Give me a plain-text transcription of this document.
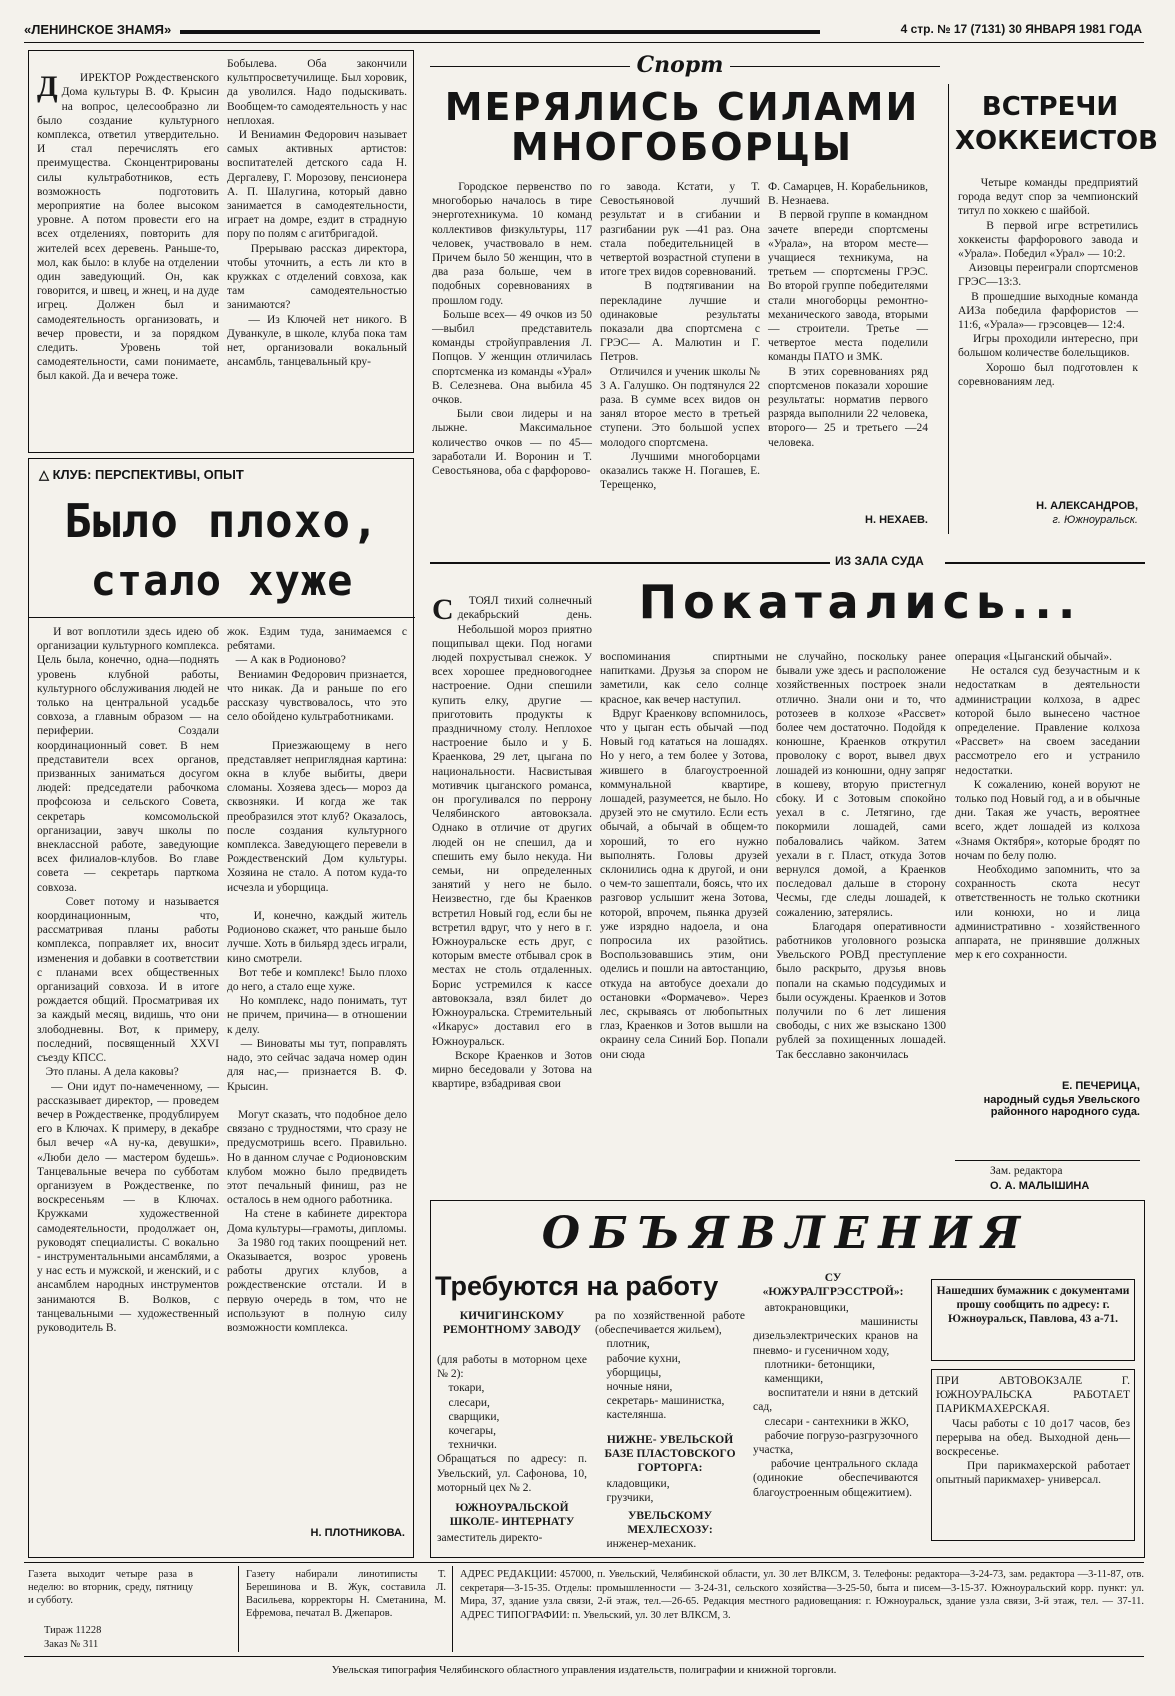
«ЛЕНИНСКОЕ ЗНАМЯ»	4 стр. № 17 (7131) 30 ЯНВАРЯ 1981 ГОДА

Д ИРЕКТОР Рождественского Дома культуры В. Ф. Крысин на вопрос, целесообразно ли было создание культурного комплекса, ответил утвердительно. И стал перечислять его преимущества. Сконцентрированы силы культработников, есть возможность подготовить мероприятие на более высоком уровне. А потом провести его на всех отделениях, повторить для жителей всех деревень. Раньше-то, мол, как было: в клубе на отделении один заведующий. Он, как говорится, и швец, и жнец, и на дуде игрец. Должен был и самодеятельность организовать, и вечер провести, и за порядком следить. Уровень той самодеятельности, сами понимаете, был какой. Да и вечера тоже.

Бобылева. Оба закончили культпросветучилище. Был хоровик, да уволился. Надо подыскивать. Вообщем-то самодеятельность у нас неплохая.
И Вениамин Федорович называет самых активных артистов: воспитателей детского сада Н. Дергалеву, Г. Морозову, пенсионера А. П. Шалугина, который давно занимается в самодеятельности, играет на домре, ездит в страдную пору по полям с агитбригадой.
Прерываю рассказ директора, чтобы уточнить, а есть ли кто в кружках с отделений совхоза, как там самодеятельностью занимаются?
— Из Ключей нет никого. В Дуванкуле, в школе, клуба пока там нет, организовали вокальный ансамбль, танцевальный кру-
△ КЛУБ: ПЕРСПЕКТИВЫ, ОПЫТ
Было плохо,
стало хуже
И вот воплотили здесь идею об организации культурного комплекса. Цель была, конечно, одна—поднять уровень клубной работы, культурного обслуживания людей не только на центральной усадьбе совхоза, а главным образом — на периферии. Создали координационный совет. В нем представители всех органов, призванных заниматься досугом людей: председатели рабочкома профсоюза и сельского Совета, секретарь комсомольской организации, завуч школы по внеклассной работе, заведующие всех филиалов-клубов. Во главе совета — секретарь парткома совхоза.
Совет потому и называется координационным, что, рассматривая планы работы комплекса, поправляет их, вносит изменения и добавки в соответствии с планами всех общественных организаций совхоза. И в итоге рождается общий. Просматривая их за каждый месяц, видишь, что они злободневны. Вот, к примеру, последний, посвященный XXVI съезду КПСС.
Это планы. А дела каковы?
— Они идут по-намеченному, — рассказывает директор, — проведем вечер в Рождественке, продублируем его в Ключах. К примеру, в декабре был вечер «А ну-ка, девушки», «Люби дело — мастером будешь». Танцевальные вечера по субботам организуем в Рождественке, по воскресеньям — в Ключах. Кружками художественной самодеятельности, продолжает он, руководят специалисты. С вокально - инструментальными ансамблями, а у нас есть и мужской, и женский, и с ансамблем народных инструментов занимаются В. Волков, с танцевальными — художественный руководитель В.
жок. Ездим туда, занимаемся с ребятами.
— А как в Родионово?
Вениамин Федорович признается, что никак. Да и раньше по его рассказу чувствовалось, что это село обойдено культработниками.

Приезжающему в него представляет неприглядная картина: окна в клубе выбиты, двери сломаны. Хозяева здесь— мороз да сквозняки. И когда же так преобразился этот клуб? Оказалось, после создания культурного комплекса. Заведующего перевели в Рождественский Дом культуры. Хозяина не стало. А потом куда-то исчезла и уборщица.

И, конечно, каждый житель Родионово скажет, что раньше было лучше. Хоть в бильярд здесь играли, кино смотрели.
Вот тебе и комплекс! Было плохо до него, а стало еще хуже.
Но комплекс, надо понимать, тут не причем, причина— в отношении к делу.
— Виноваты мы тут, поправлять надо, это сейчас задача номер один для нас,— признается В. Ф. Крысин.

Могут сказать, что подобное дело связано с трудностями, что сразу не предусмотришь всего. Правильно. Но в данном случае с Родионовским клубом можно было предвидеть этот печальный финиш, раз не осталось в нем одного работника.
На стене в кабинете директора Дома культуры—грамоты, дипломы.
За 1980 год таких поощрений нет. Оказывается, возрос уровень работы других клубов, а рождественские отстали. И в первую очередь в том, что не используют в полную силу возможности комплекса.
Н. ПЛОТНИКОВА.
Спорт
МЕРЯЛИСЬ СИЛАМИ
МНОГОБОРЦЫ
Городское первенство по многоборью началось в тире энерготехникума. 10 команд коллективов физкультуры, 117 человек, участвовало в нем. Причем было 50 женщин, что в два раза больше, чем в подобных соревнованиях в прошлом году.
Больше всех— 49 очков из 50—выбил представитель команды стройуправления Л. Попцов. У женщин отличилась спортсменка из команды «Урал» В. Селезнева. Она выбила 45 очков.
Были свои лидеры и на лыжне. Максимальное количество очков — по 45— заработали И. Воронин и Т. Севостьянова, оба с фарфорово-
го завода. Кстати, у Т. Севостьяновой лучший результат и в сгибании и разгибании рук —41 раз. Она стала победительницей в четвертой возрастной ступени в итоге трех видов соревнований.
В подтягивании на перекладине лучшие и одинаковые результаты показали два спортсмена с ГРЭС— А. Малютин и Г. Петров.
Отличился и ученик школы № 3 А. Галушко. Он подтянулся 22 раза. В сумме всех видов он занял второе место в третьей ступени. Это большой успех молодого спортсмена.
Лучшими многоборцами оказались также Н. Погашев, Е. Терещенко,
Ф. Самарцев, Н. Корабельников, В. Незнаева.
В первой группе в командном зачете впереди спортсмены «Урала», на втором месте— учащиеся техникума, на третьем — спортсмены ГРЭС. Во второй группе победителями стали многоборцы ремонтно-механического завода, вторыми — строители. Третье —четвертое места поделили команды ПАТО и ЗМК.
В этих соревнованиях ряд спортсменов показали хорошие результаты: норматив первого разряда выполнили 22 человека, второго— 25 и третьего —24 человека.
Н. НЕХАЕВ.
ВСТРЕЧИ
ХОККЕИСТОВ
Четыре команды предприятий города ведут спор за чемпионский титул по хоккею с шайбой.
В первой игре встретились хоккеисты фарфорового завода и «Урала». Победил «Урал» — 10:2.
Аизовцы переиграли спортсменов ГРЭС—13:3.
В прошедшие выходные команда АИЗа победила фарфористов — 11:6, «Урала»— грэсовцев— 12:4.
Игры проходили интересно, при большом количестве болельщиков.
Хорошо был подготовлен к соревнованиям лед.
Н. АЛЕКСАНДРОВ,
г. Южноуральск.
ИЗ ЗАЛА СУДА

С ТОЯЛ тихий солнечный декабрьский день. Небольшой мороз приятно пощипывал щеки. Под ногами людей похрустывал снежок. У всех хорошее предновогоднее настроение. Одни спешили купить елку, другие — приготовить продукты к праздничному столу. Неплохое настроение было и у Б. Краенкова, 29 лет, цыгана по национальности. Насвистывая мотивчик цыганского романса, он прогуливался по перрону Челябинского автовокзала. Однако в отличие от других людей он не спешил, да и спешить ему было некуда. Ни семьи, ни определенных занятий у него не было. Неизвестно, где бы Краенков встретил Новый год, если бы не встретил вдруг, что у него в г. Южноуральске есть друг, с которым вместе отбывал срок в местах не столь отдаленных. Борис устремился к кассе автовокзала, взял билет до Южноуральска. Стремительный «Икарус» доставил его в Южноуральск.
Вскоре Краенков и Зотов мирно беседовали у Зотова на квартире, взбадривая свои

Покатались...
воспоминания спиртными напитками. Друзья за спором не заметили, как село солнце красное, как вечер наступил.
Вдруг Краенкову вспомнилось, что у цыган есть обычай —под Новый год кататься на лошадях. Но у него, а тем более у Зотова, жившего в благоустроенной коммунальной квартире, лошадей, разумеется, не было. Но друзей это не смутило. Если есть обычай, а обычай в общем-то хороший, то его нужно выполнять. Головы друзей склонились одна к другой, и они о чем-то зашептали, боясь, что их разговор услышит жена Зотова, которой, впрочем, пьянка друзей уже изрядно надоела, и она попросила их разойтись. Воспользовавшись этим, они оделись и пошли на автостанцию, откуда на автобусе доехали до остановки «Формачево». Через лес, скрываясь от любопытных глаз, Краенков и Зотов вышли на окраину села Синий Бор. Попали они сюда
не случайно, поскольку ранее бывали уже здесь и расположение хозяйственных построек знали отлично. Знали они и то, что ротозеев в колхозе «Рассвет» более чем достаточно. Подойдя к конюшне, Краенков открутил проволоку с ворот, вывел двух лошадей из конюшни, одну запряг в кошеву, вторую пристегнул сбоку. И с Зотовым спокойно уехал в с. Летягино, где покормили лошадей, сами побаловались чайком. Затем уехали в г. Пласт, откуда Зотов вернулся домой, а Краенков последовал дальше в сторону Чесмы, где следы лошадей, к сожалению, затерялись.
Благодаря оперативности работников уголовного розыска Увельского РОВД преступление было раскрыто, друзья вновь попали на скамью подсудимых и были осуждены. Краенков и Зотов получили по 6 лет лишения свободы, с них же взыскано 1300 рублей за похищенных лошадей. Так бесславно закончилась
операция «Цыганский обычай».
Не остался суд безучастным и к недостаткам в деятельности администрации колхоза, в адрес которой было вынесено частное определение. Правление колхоза «Рассвет» на своем заседании рассмотрело его и устранило недостатки.
К сожалению, коней воруют не только под Новый год, а и в обычные дни. Такая же участь, вероятнее всего, ждет лошадей из колхоза «Знамя Октября», которые бродят по ночам по белу полю.
Необходимо запомнить, что за сохранность скота несут ответственность не только скотники или конюхи, но и лица административно - хозяйственного аппарата, не принявшие должных мер к его сохранности.
Е. ПЕЧЕРИЦА,
народный судья Увельского районного народного суда.
Зам. редактора
О. А. МАЛЫШИНА
ОБЪЯВЛЕНИЯ
Требуются на работу
КИЧИГИНСКОМУ РЕМОНТНОМУ ЗАВОДУ
(для работы в моторном цехе № 2):
токари,
слесари,
сварщики,
кочегары,
технички.
Обращаться по адресу: п. Увельский, ул. Сафонова, 10, моторный цех № 2.
ЮЖНОУРАЛЬСКОЙ ШКОЛЕ- ИНТЕРНАТУ
заместитель директо-
ра по хозяйственной работе (обеспечивается жильем),
плотник,
рабочие кухни,
уборщицы,
ночные няни,
секретарь- машинистка,
кастелянша.
НИЖНЕ- УВЕЛЬСКОЙ БАЗЕ ПЛАСТОВСКОГО ГОРТОРГА:
кладовщики,
грузчики,
УВЕЛЬСКОМУ МЕХЛЕСХОЗУ:
инженер-механик.
СУ «ЮЖУРАЛГРЭССТРОЙ»:
автокрановщики,
машинисты дизельэлектрических кранов на пневмо- и гусеничном ходу,
плотники- бетонщики,
каменщики,
воспитатели и няни в детский сад,
слесари - сантехники в ЖКО,
рабочие погрузо-разгрузочного участка,
рабочие центрального склада (одинокие обеспечиваются благоустроенным общежитием).
Нашедших бумажник с документами прошу сообщить по адресу: г. Южноуральск, Павлова, 43 а-71.
ПРИ АВТОВОКЗАЛЕ Г. ЮЖНОУРАЛЬСКА РАБОТАЕТ ПАРИКМАХЕРСКАЯ.
Часы работы с 10 до17 часов, без перерыва на обед. Выходной день— воскресенье.
При парикмахерской работает опытный парикмахер- универсал.
Газета выходит четыре раза в неделю: во вторник, среду, пятницу и субботу.
Тираж 11228
Заказ № 311
Газету набирали линотиписты Т. Берешинова и В. Жук, составила Л. Васильева, корректоры Н. Сметанина, М. Ефремова, печатал В. Джепаров.
АДРЕС РЕДАКЦИИ: 457000, п. Увельский, Челябинской области, ул. 30 лет ВЛКСМ, 3. Телефоны: редактора—3-24-73, зам. редактора —3-11-87, отв. секретаря—3-15-35. Отделы: промышленности — 3-24-31, сельского хозяйства—3-25-50, быта и писем—3-15-37. Южноуральский корр. пункт: ул. Мира, 37, здание узла связи, 2-й этаж, тел.—26-65. Редакция местного радиовещания: г. Южноуральск, здание узла связи, 3-й этаж, тел. — 37-11. АДРЕС ТИПОГРАФИИ: п. Увельский, ул. 30 лет ВЛКСМ, 3.
Увельская типография Челябинского областного управления издательств, полиграфии и книжной торговли.
